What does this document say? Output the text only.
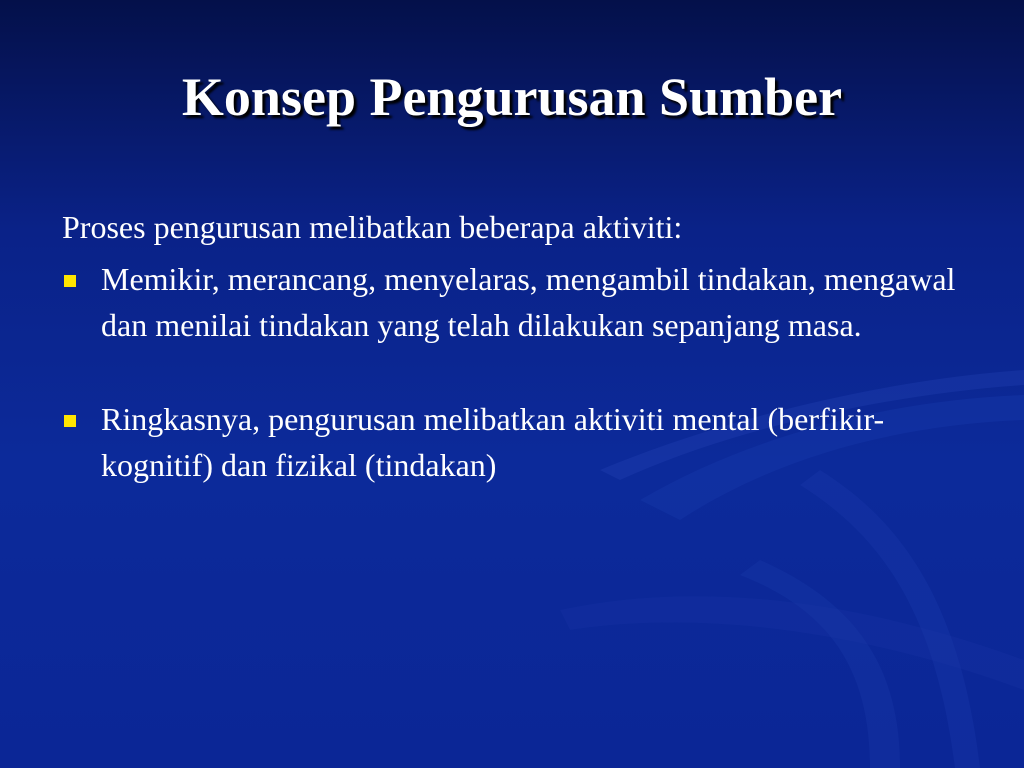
Konsep Pengurusan Sumber

Proses pengurusan melibatkan beberapa aktiviti:

Memikir, merancang, menyelaras, mengambil tindakan, mengawal dan menilai tindakan yang telah dilakukan sepanjang masa.

Ringkasnya, pengurusan melibatkan aktiviti mental (berfikir-kognitif) dan fizikal (tindakan)
